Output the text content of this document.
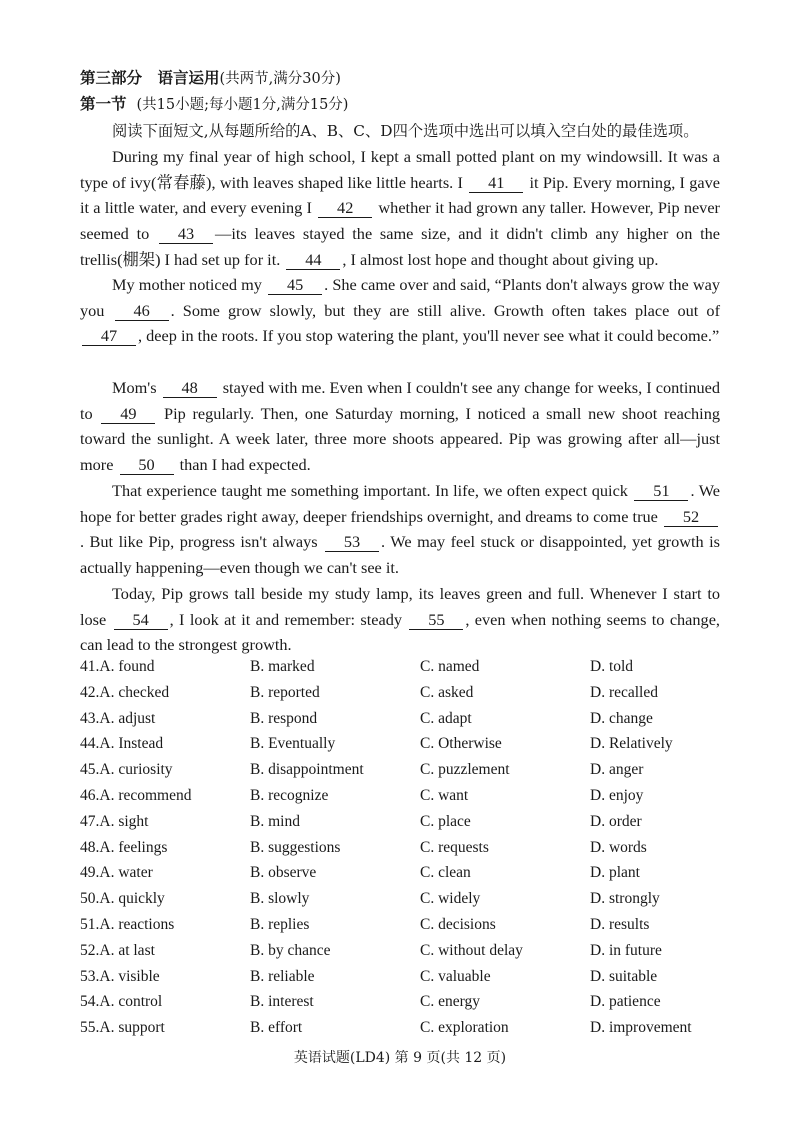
第三部分　语言运用(共两节,满分30分)
第一节 (共15小题;每小题1分,满分15分)
阅读下面短文,从每题所给的A、B、C、D四个选项中选出可以填入空白处的最佳选项。
During my final year of high school, I kept a small potted plant on my windowsill. It was a type of ivy(常春藤), with leaves shaped like little hearts. I 41 it Pip. Every morning, I gave it a little water, and every evening I 42 whether it had grown any taller. However, Pip never seemed to 43 —its leaves stayed the same size, and it didn't climb any higher on the trellis(棚架) I had set up for it. 44 , I almost lost hope and thought about giving up.
My mother noticed my 45 . She came over and said, “Plants don't always grow the way you 46 . Some grow slowly, but they are still alive. Growth often takes place out of 47 , deep in the roots. If you stop watering the plant, you'll never see what it could become.”
Mom's 48 stayed with me. Even when I couldn't see any change for weeks, I continued to 49 Pip regularly. Then, one Saturday morning, I noticed a small new shoot reaching toward the sunlight. A week later, three more shoots appeared. Pip was growing after all—just more 50 than I had expected.
That experience taught me something important. In life, we often expect quick 51 . We hope for better grades right away, deeper friendships overnight, and dreams to come true 52. But like Pip, progress isn't always 53 . We may feel stuck or disappointed, yet growth is actually happening—even though we can't see it.
Today, Pip grows tall beside my study lamp, its leaves green and full. Whenever I start to lose 54 , I look at it and remember: steady 55 , even when nothing seems to change, can lead to the strongest growth.
41.A. found	B. marked	C. named	D. told
42.A. checked	B. reported	C. asked	D. recalled
43.A. adjust	B. respond	C. adapt	D. change
44.A. Instead	B. Eventually	C. Otherwise	D. Relatively
45.A. curiosity	B. disappointment	C. puzzlement	D. anger
46.A. recommend	B. recognize	C. want	D. enjoy
47.A. sight	B. mind	C. place	D. order
48.A. feelings	B. suggestions	C. requests	D. words
49.A. water	B. observe	C. clean	D. plant
50.A. quickly	B. slowly	C. widely	D. strongly
51.A. reactions	B. replies	C. decisions	D. results
52.A. at last	B. by chance	C. without delay	D. in future
53.A. visible	B. reliable	C. valuable	D. suitable
54.A. control	B. interest	C. energy	D. patience
55.A. support	B. effort	C. exploration	D. improvement
英语试题(LD4) 第 9 页(共 12 页)
